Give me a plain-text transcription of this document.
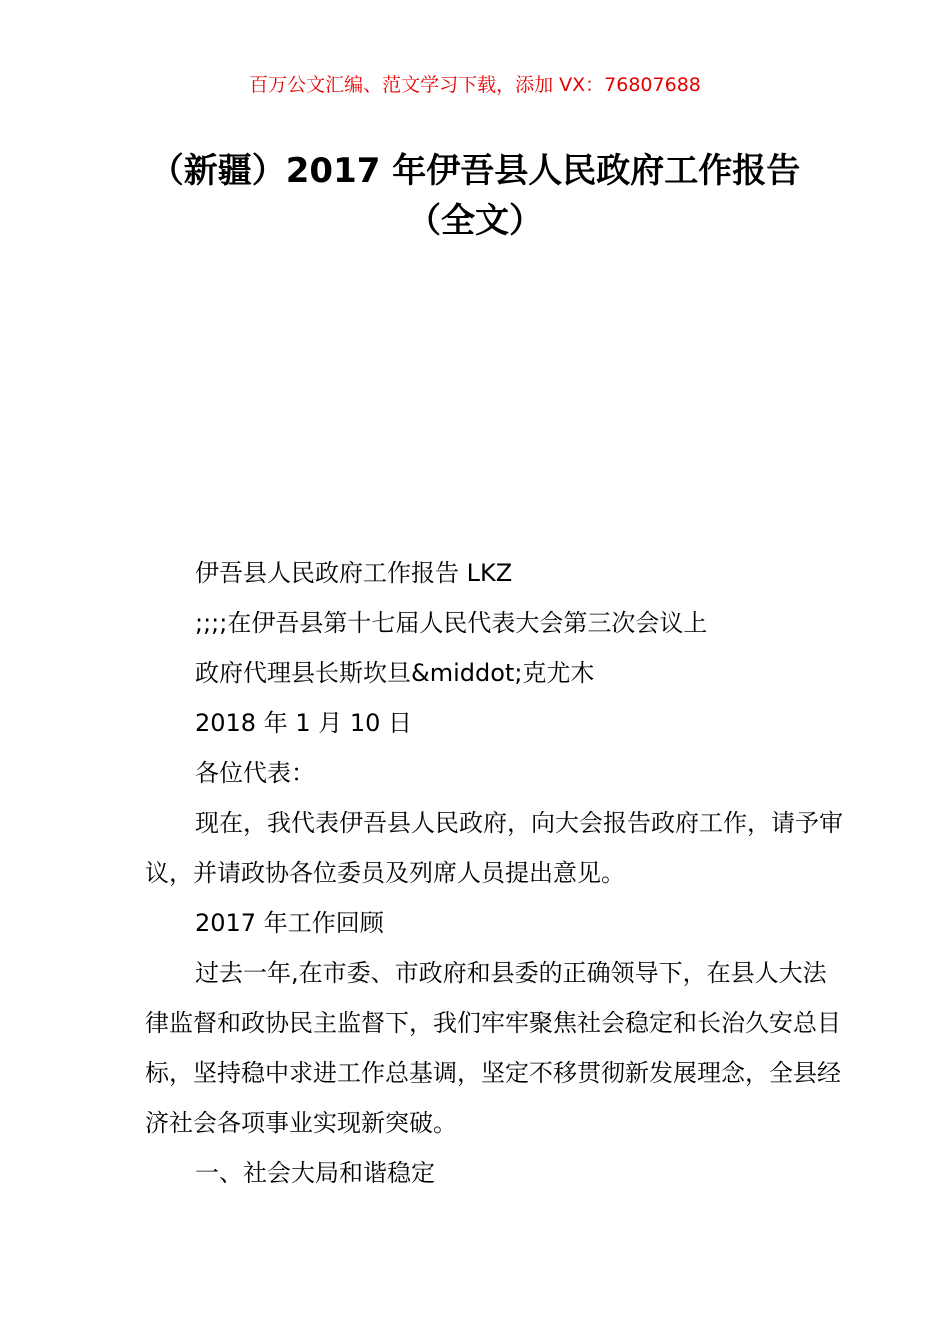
百万公文汇编、范文学习下载，添加 VX：76807688
（新疆）2017 年伊吾县人民政府工作报告
（全文）

伊吾县人民政府工作报告 LKZ

;;;;在伊吾县第十七届人民代表大会第三次会议上

政府代理县长斯坎旦&middot;克尤木

2018 年 1 月 10 日

各位代表：

现在，我代表伊吾县人民政府，向大会报告政府工作，请予审议，并请政协各位委员及列席人员提出意见。

2017 年工作回顾

过去一年,在市委、市政府和县委的正确领导下，在县人大法律监督和政协民主监督下，我们牢牢聚焦社会稳定和长治久安总目标，坚持稳中求进工作总基调，坚定不移贯彻新发展理念，全县经济社会各项事业实现新突破。

一、社会大局和谐稳定
